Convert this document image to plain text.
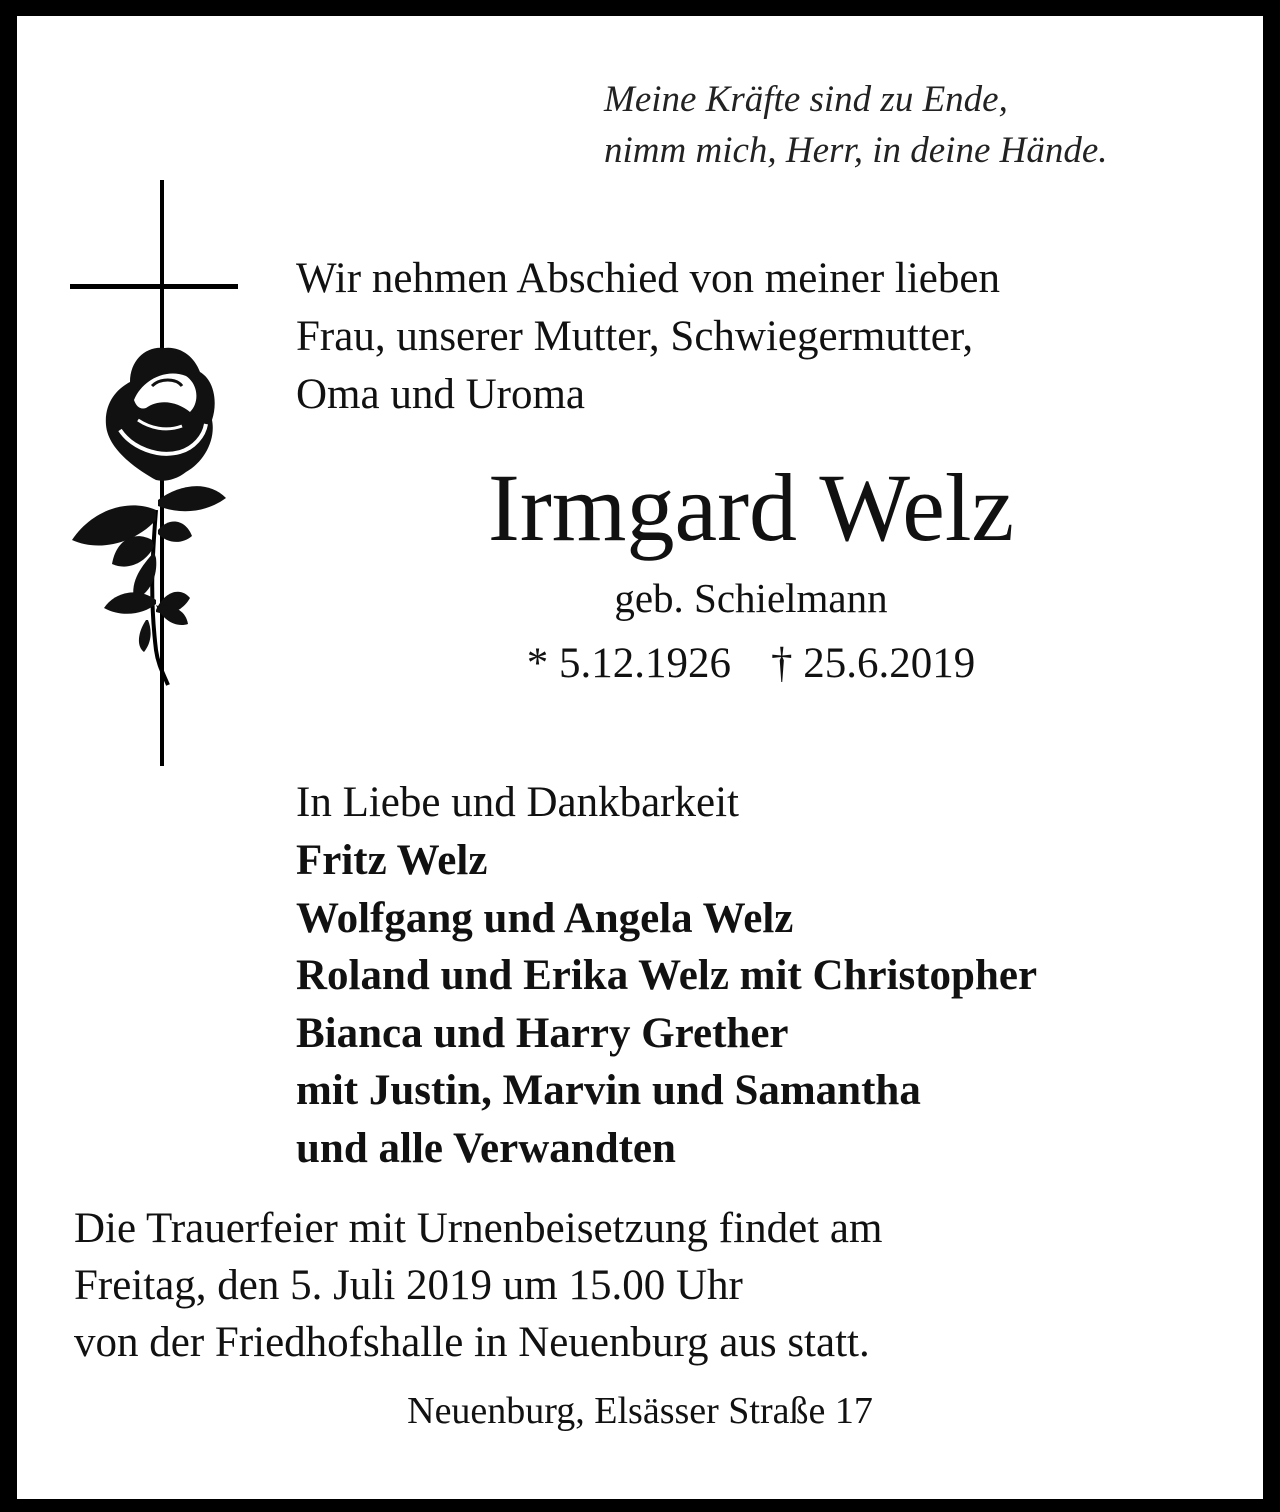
Meine Kräfte sind zu Ende,
nimm mich, Herr, in deine Hände.
Wir nehmen Abschied von meiner lieben
Frau, unserer Mutter, Schwiegermutter,
Oma und Uroma
Irmgard Welz
geb. Schielmann
* 5.12.1926 † 25.6.2019
In Liebe und Dankbarkeit
Fritz Welz
Wolfgang und Angela Welz
Roland und Erika Welz mit Christopher
Bianca und Harry Grether
mit Justin, Marvin und Samantha
und alle Verwandten
Die Trauerfeier mit Urnenbeisetzung findet am
Freitag, den 5. Juli 2019 um 15.00 Uhr
von der Friedhofshalle in Neuenburg aus statt.
Neuenburg, Elsässer Straße 17
